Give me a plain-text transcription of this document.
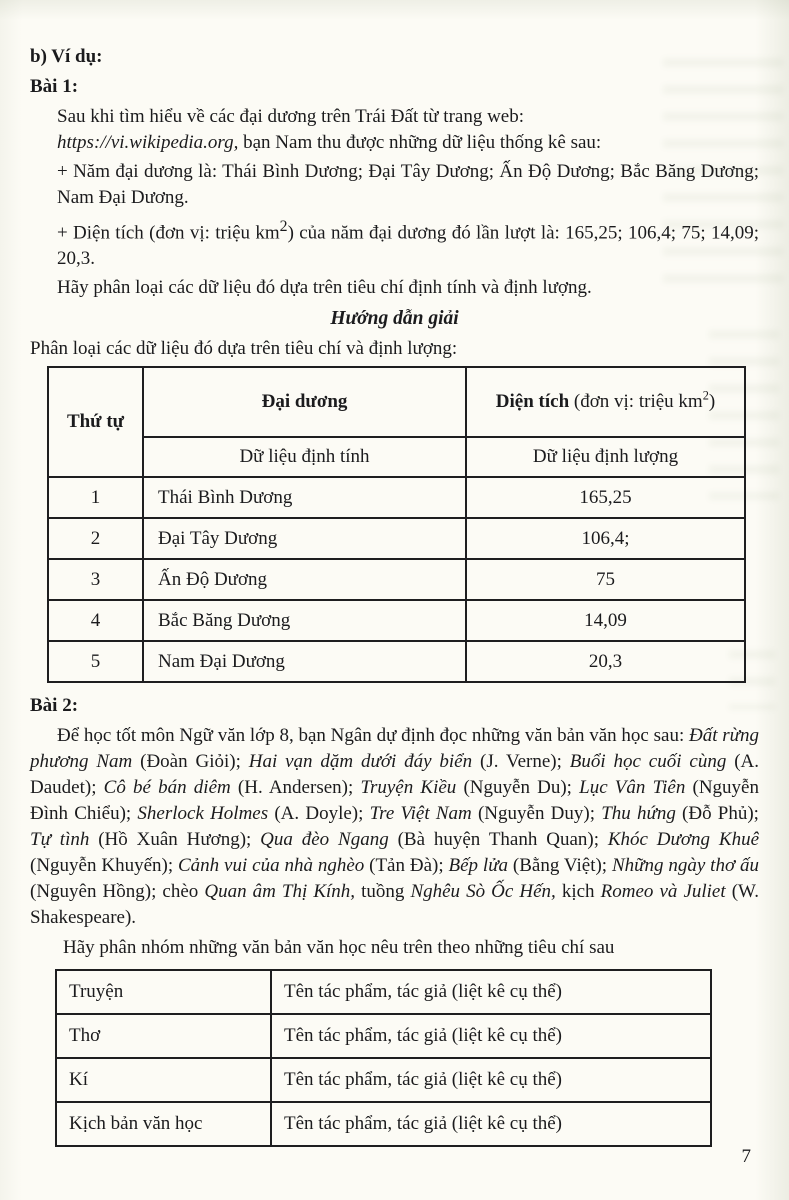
b) Ví dụ:

Bài 1:

Sau khi tìm hiểu về các đại dương trên Trái Đất từ trang web:
https://vi.wikipedia.org, bạn Nam thu được những dữ liệu thống kê sau:

+ Năm đại dương là: Thái Bình Dương; Đại Tây Dương; Ấn Độ Dương; Bắc Băng Dương; Nam Đại Dương.

+ Diện tích (đơn vị: triệu $km^2$) của năm đại dương đó lần lượt là: 165,25; 106,4; 75; 14,09; 20,3.

Hãy phân loại các dữ liệu đó dựa trên tiêu chí định tính và định lượng.

Hướng dẫn giải

Phân loại các dữ liệu đó dựa trên tiêu chí và định lượng:

Thứ tự	Đại dương	Diện tích (đơn vị: triệu $km^2$)
	Dữ liệu định tính	Dữ liệu định lượng
1	Thái Bình Dương	165,25
2	Đại Tây Dương	106,4;
3	Ấn Độ Dương	75
4	Bắc Băng Dương	14,09
5	Nam Đại Dương	20,3

Bài 2:

Để học tốt môn Ngữ văn lớp 8, bạn Ngân dự định đọc những văn bản văn học sau: Đất rừng phương Nam (Đoàn Giỏi); Hai vạn dặm dưới đáy biển (J. Verne); Buổi học cuối cùng (A. Daudet); Cô bé bán diêm (H. Andersen); Truyện Kiều (Nguyễn Du); Lục Vân Tiên (Nguyễn Đình Chiểu); Sherlock Holmes (A. Doyle); Tre Việt Nam (Nguyễn Duy); Thu hứng (Đỗ Phủ); Tự tình (Hồ Xuân Hương); Qua đèo Ngang (Bà huyện Thanh Quan); Khóc Dương Khuê (Nguyễn Khuyến); Cảnh vui của nhà nghèo (Tản Đà); Bếp lửa (Bằng Việt); Những ngày thơ ấu (Nguyên Hồng); chèo Quan âm Thị Kính, tuồng Nghêu Sò Ốc Hến, kịch Romeo và Juliet (W. Shakespeare).

Hãy phân nhóm những văn bản văn học nêu trên theo những tiêu chí sau

Truyện	Tên tác phẩm, tác giả (liệt kê cụ thể)
Thơ	Tên tác phẩm, tác giả (liệt kê cụ thể)
Kí	Tên tác phẩm, tác giả (liệt kê cụ thể)
Kịch bản văn học	Tên tác phẩm, tác giả (liệt kê cụ thể)
7
